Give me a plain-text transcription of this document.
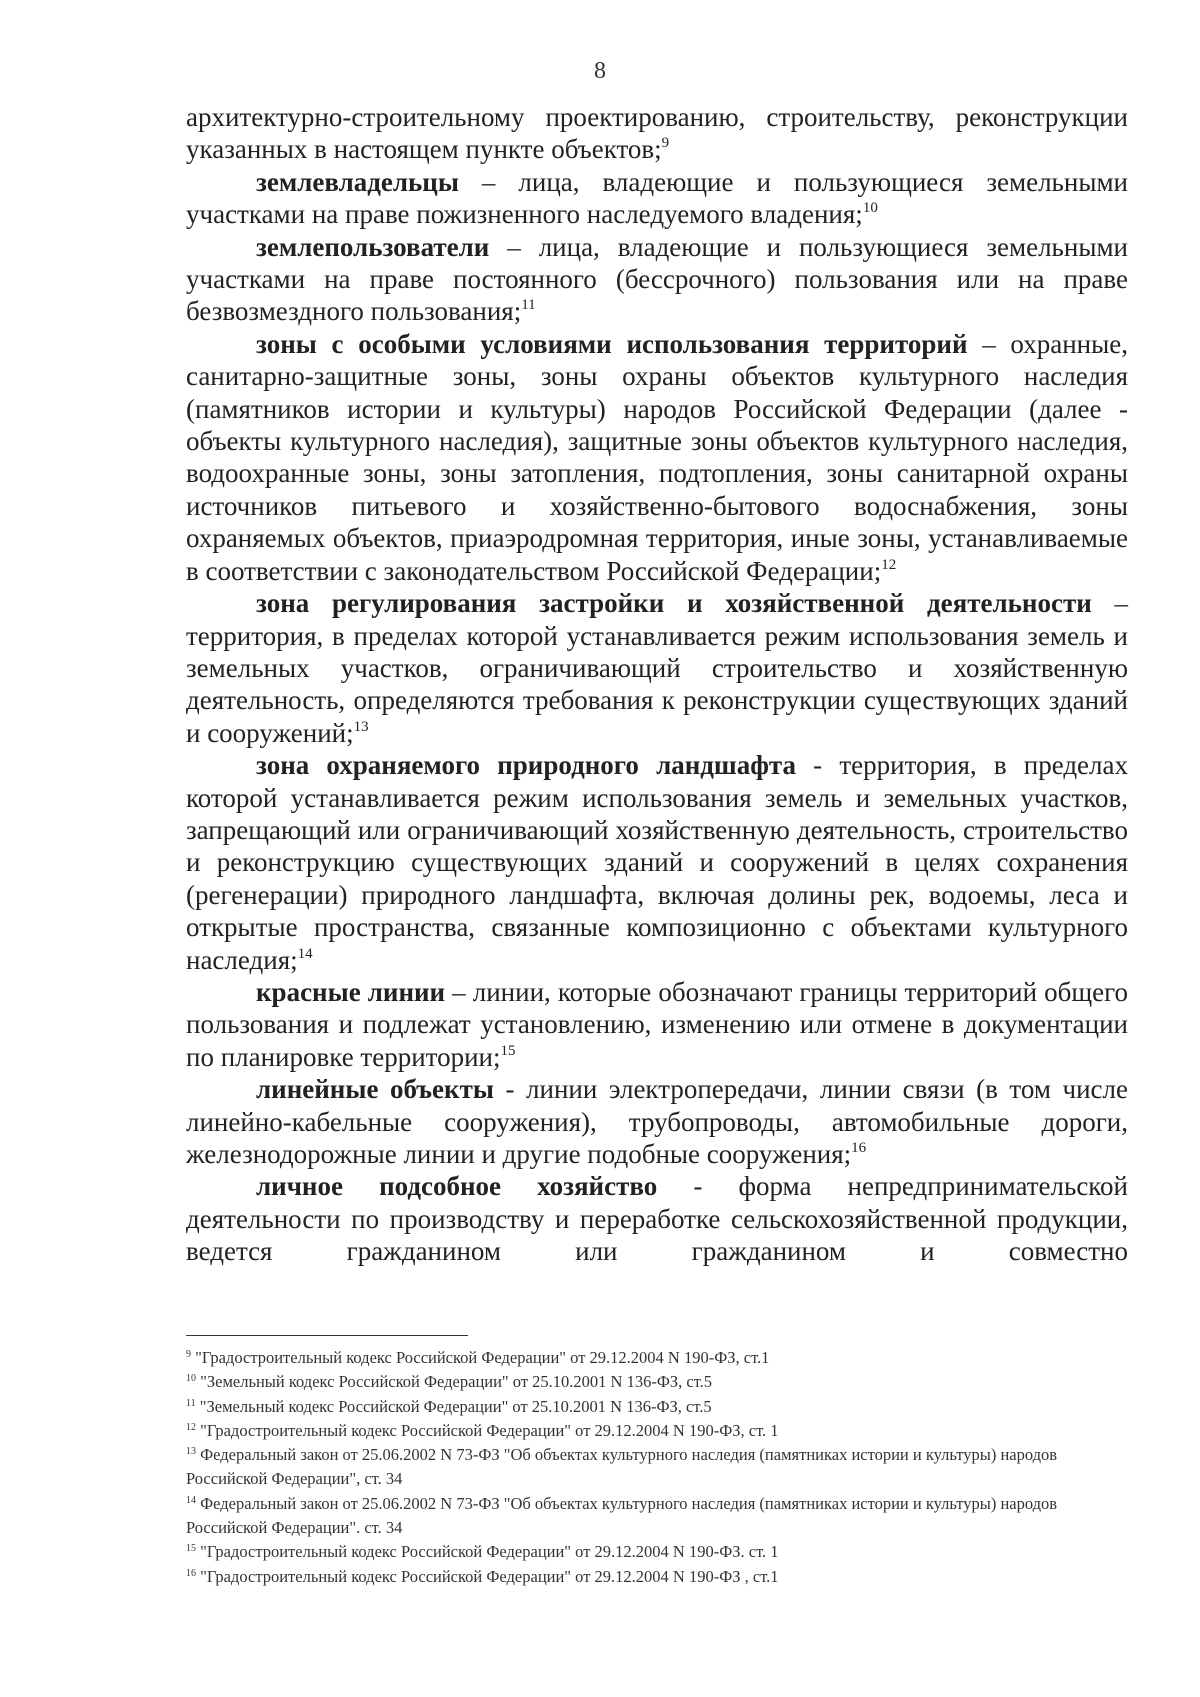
8

архитектурно-строительному проектированию, строительству, реконструкции указанных в настоящем пункте объектов;$^9$

землевладельцы – лица, владеющие и пользующиеся земельными участками на праве пожизненного наследуемого владения;$^{10}$

землепользователи – лица, владеющие и пользующиеся земельными участками на праве постоянного (бессрочного) пользования или на праве безвозмездного пользования;$^{11}$

зоны с особыми условиями использования территорий – охранные, санитарно-защитные зоны, зоны охраны объектов культурного наследия (памятников истории и культуры) народов Российской Федерации (далее - объекты культурного наследия), защитные зоны объектов культурного наследия, водоохранные зоны, зоны затопления, подтопления, зоны санитарной охраны источников питьевого и хозяйственно-бытового водоснабжения, зоны охраняемых объектов, приаэродромная территория, иные зоны, устанавливаемые в соответствии с законодательством Российской Федерации;$^{12}$

зона регулирования застройки и хозяйственной деятельности – территория, в пределах которой устанавливается режим использования земель и земельных участков, ограничивающий строительство и хозяйственную деятельность, определяются требования к реконструкции существующих зданий и сооружений;$^{13}$

зона охраняемого природного ландшафта - территория, в пределах которой устанавливается режим использования земель и земельных участков, запрещающий или ограничивающий хозяйственную деятельность, строительство и реконструкцию существующих зданий и сооружений в целях сохранения (регенерации) природного ландшафта, включая долины рек, водоемы, леса и открытые пространства, связанные композиционно с объектами культурного наследия;$^{14}$

красные линии – линии, которые обозначают границы территорий общего пользования и подлежат установлению, изменению или отмене в документации по планировке территории;$^{15}$

линейные объекты - линии электропередачи, линии связи (в том числе линейно-кабельные сооружения), трубопроводы, автомобильные дороги, железнодорожные линии и другие подобные сооружения;$^{16}$

личное подсобное хозяйство - форма непредпринимательской деятельности по производству и переработке сельскохозяйственной продукции, ведется гражданином или гражданином и совместно

$^9$ "Градостроительный кодекс Российской Федерации" от 29.12.2004 N 190-ФЗ, ст.1

$^{10}$ "Земельный кодекс Российской Федерации" от 25.10.2001 N 136-ФЗ, ст.5

$^{11}$ "Земельный кодекс Российской Федерации" от 25.10.2001 N 136-ФЗ, ст.5

$^{12}$ "Градостроительный кодекс Российской Федерации" от 29.12.2004 N 190-ФЗ, ст. 1

$^{13}$ Федеральный закон от 25.06.2002 N 73-ФЗ "Об объектах культурного наследия (памятниках истории и культуры) народов Российской Федерации", ст. 34

$^{14}$ Федеральный закон от 25.06.2002 N 73-ФЗ "Об объектах культурного наследия (памятниках истории и культуры) народов Российской Федерации". ст. 34

$^{15}$ "Градостроительный кодекс Российской Федерации" от 29.12.2004 N 190-ФЗ. ст. 1

$^{16}$ "Градостроительный кодекс Российской Федерации" от 29.12.2004 N 190-ФЗ , ст.1
